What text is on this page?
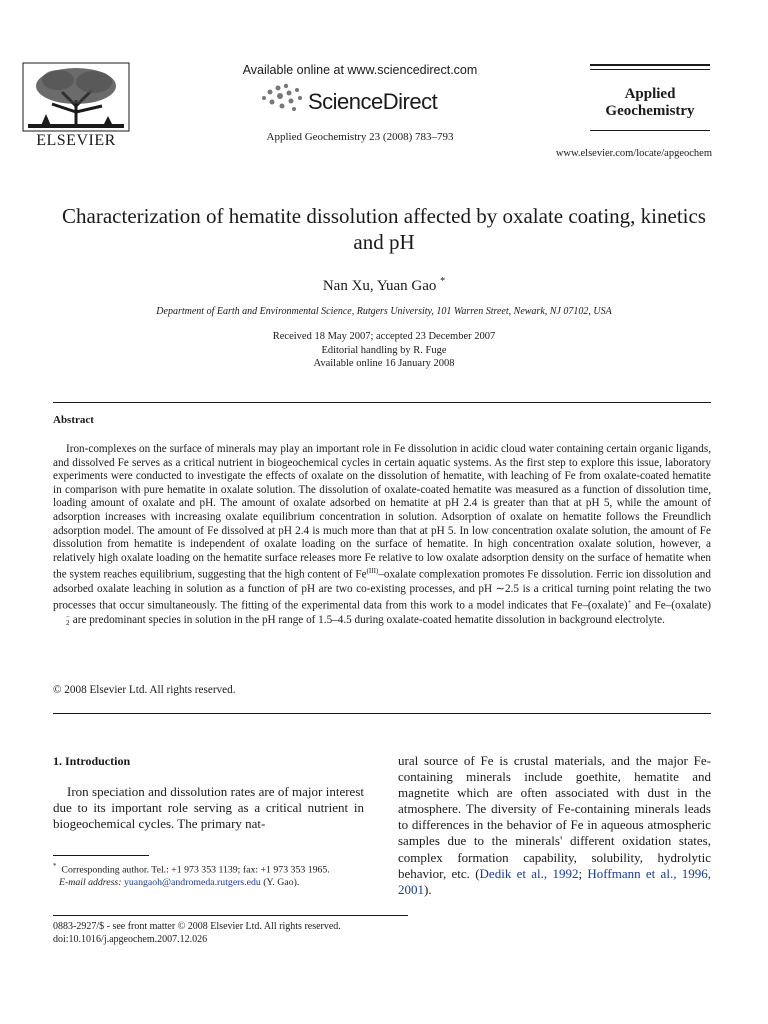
ELSEVIER
Available online at www.sciencedirect.com
ScienceDirect
Applied Geochemistry 23 (2008) 783–793
Applied Geochemistry
www.elsevier.com/locate/apgeochem
Characterization of hematite dissolution affected by oxalate coating, kinetics and pH
Nan Xu, Yuan Gao *
Department of Earth and Environmental Science, Rutgers University, 101 Warren Street, Newark, NJ 07102, USA
Received 18 May 2007; accepted 23 December 2007
Editorial handling by R. Fuge
Available online 16 January 2008
Abstract

Iron-complexes on the surface of minerals may play an important role in Fe dissolution in acidic cloud water containing certain organic ligands, and dissolved Fe serves as a critical nutrient in biogeochemical cycles in certain aquatic systems. As the first step to explore this issue, laboratory experiments were conducted to investigate the effects of oxalate on the dissolution of hematite, with leaching of Fe from oxalate-coated hematite in comparison with pure hematite in oxalate solution. The dissolution of oxalate-coated hematite was measured as a function of dissolution time, loading amount of oxalate and pH. The amount of oxalate adsorbed on hematite at pH 2.4 is greater than that at pH 5, while the amount of adsorption increases with increasing oxalate equilibrium concentration in solution. Adsorption of oxalate on hematite follows the Freundlich adsorption model. The amount of Fe dissolved at pH 2.4 is much more than that at pH 5. In low concentration oxalate solution, the amount of Fe dissolution from hematite is independent of oxalate loading on the surface of hematite. In high concentration oxalate solution, however, a relatively high oxalate loading on the hematite surface releases more Fe relative to low oxalate adsorption density on the surface of hematite when the system reaches equilibrium, suggesting that the high content of $Fe^{(III)}$–oxalate complexation promotes Fe dissolution. Ferric ion dissolution and adsorbed oxalate leaching in solution as a function of pH are two co-existing processes, and pH ∼2.5 is a critical turning point relating the two processes that occur simultaneously. The fitting of the experimental data from this work to a model indicates that Fe–(oxalate)+ and Fe–(oxalate)
−
2 are predominant species in solution in the pH range of 1.5–4.5 during oxalate-coated hematite dissolution in background electrolyte.

© 2008 Elsevier Ltd. All rights reserved.
1. Introduction

Iron speciation and dissolution rates are of major interest due to its important role serving as a critical nutrient in biogeochemical cycles. The primary nat-

ural source of Fe is crustal materials, and the major Fe-containing minerals include goethite, hematite and magnetite which are often associated with dust in the atmosphere. The diversity of Fe-containing minerals leads to differences in the behavior of Fe in aqueous atmospheric samples due to the minerals' different oxidation states, complex formation capability, solubility, hydrolytic behavior, etc. (Dedik et al., 1992; Hoffmann et al., 1996, 2001).

* Corresponding author. Tel.: +1 973 353 1139; fax: +1 973 353 1965.

E-mail address: yuangaoh@andromeda.rutgers.edu (Y. Gao).

0883-2927/$ - see front matter © 2008 Elsevier Ltd. All rights reserved.
doi:10.1016/j.apgeochem.2007.12.026
